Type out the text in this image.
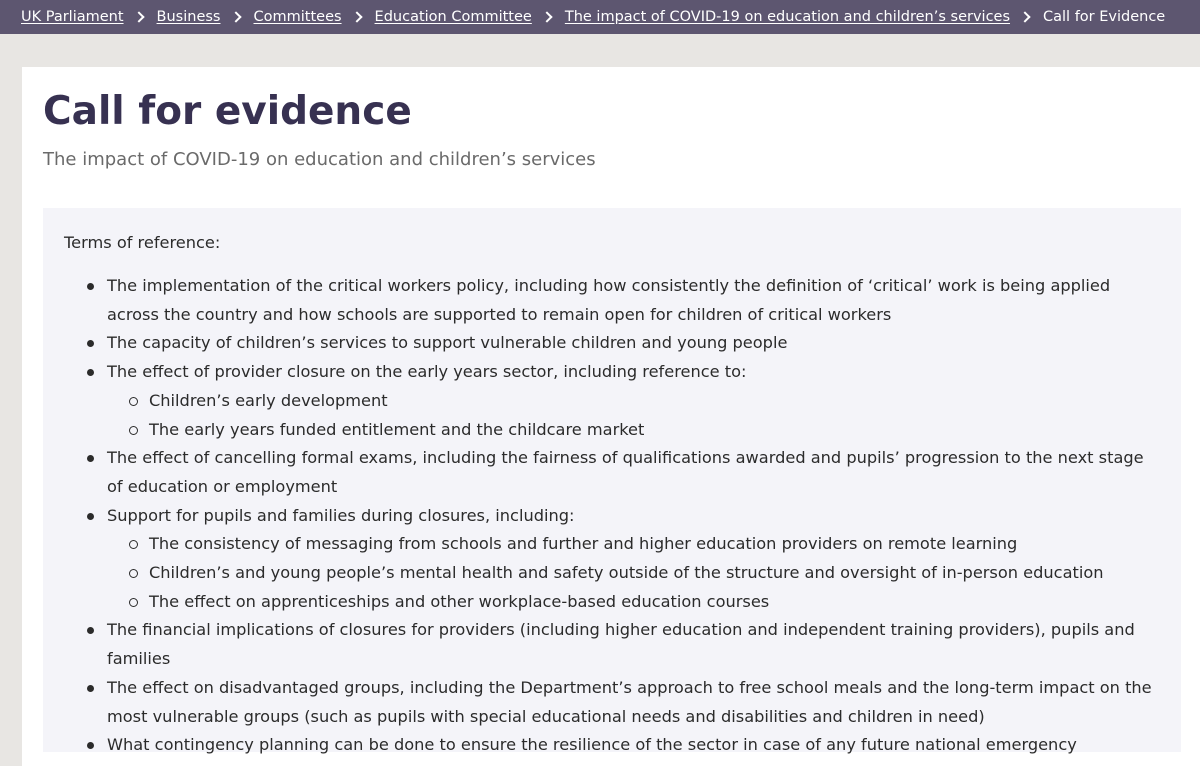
UK Parliament Business Committees Education Committee The impact of COVID-19 on education and children’s services Call for Evidence
Call for evidence

The impact of COVID-19 on education and children’s services

Terms of reference:

The implementation of the critical workers policy, including how consistently the definition of ‘critical’ work is being applied across the country and how schools are supported to remain open for children of critical workers
The capacity of children’s services to support vulnerable children and young people
The effect of provider closure on the early years sector, including reference to:
Children’s early development
The early years funded entitlement and the childcare market
The effect of cancelling formal exams, including the fairness of qualifications awarded and pupils’ progression to the next stage of education or employment
Support for pupils and families during closures, including:
The consistency of messaging from schools and further and higher education providers on remote learning
Children’s and young people’s mental health and safety outside of the structure and oversight of in-person education
The effect on apprenticeships and other workplace-based education courses
The financial implications of closures for providers (including higher education and independent training providers), pupils and families
The effect on disadvantaged groups, including the Department’s approach to free school meals and the long-term impact on the most vulnerable groups (such as pupils with special educational needs and disabilities and children in need)
What contingency planning can be done to ensure the resilience of the sector in case of any future national emergency
